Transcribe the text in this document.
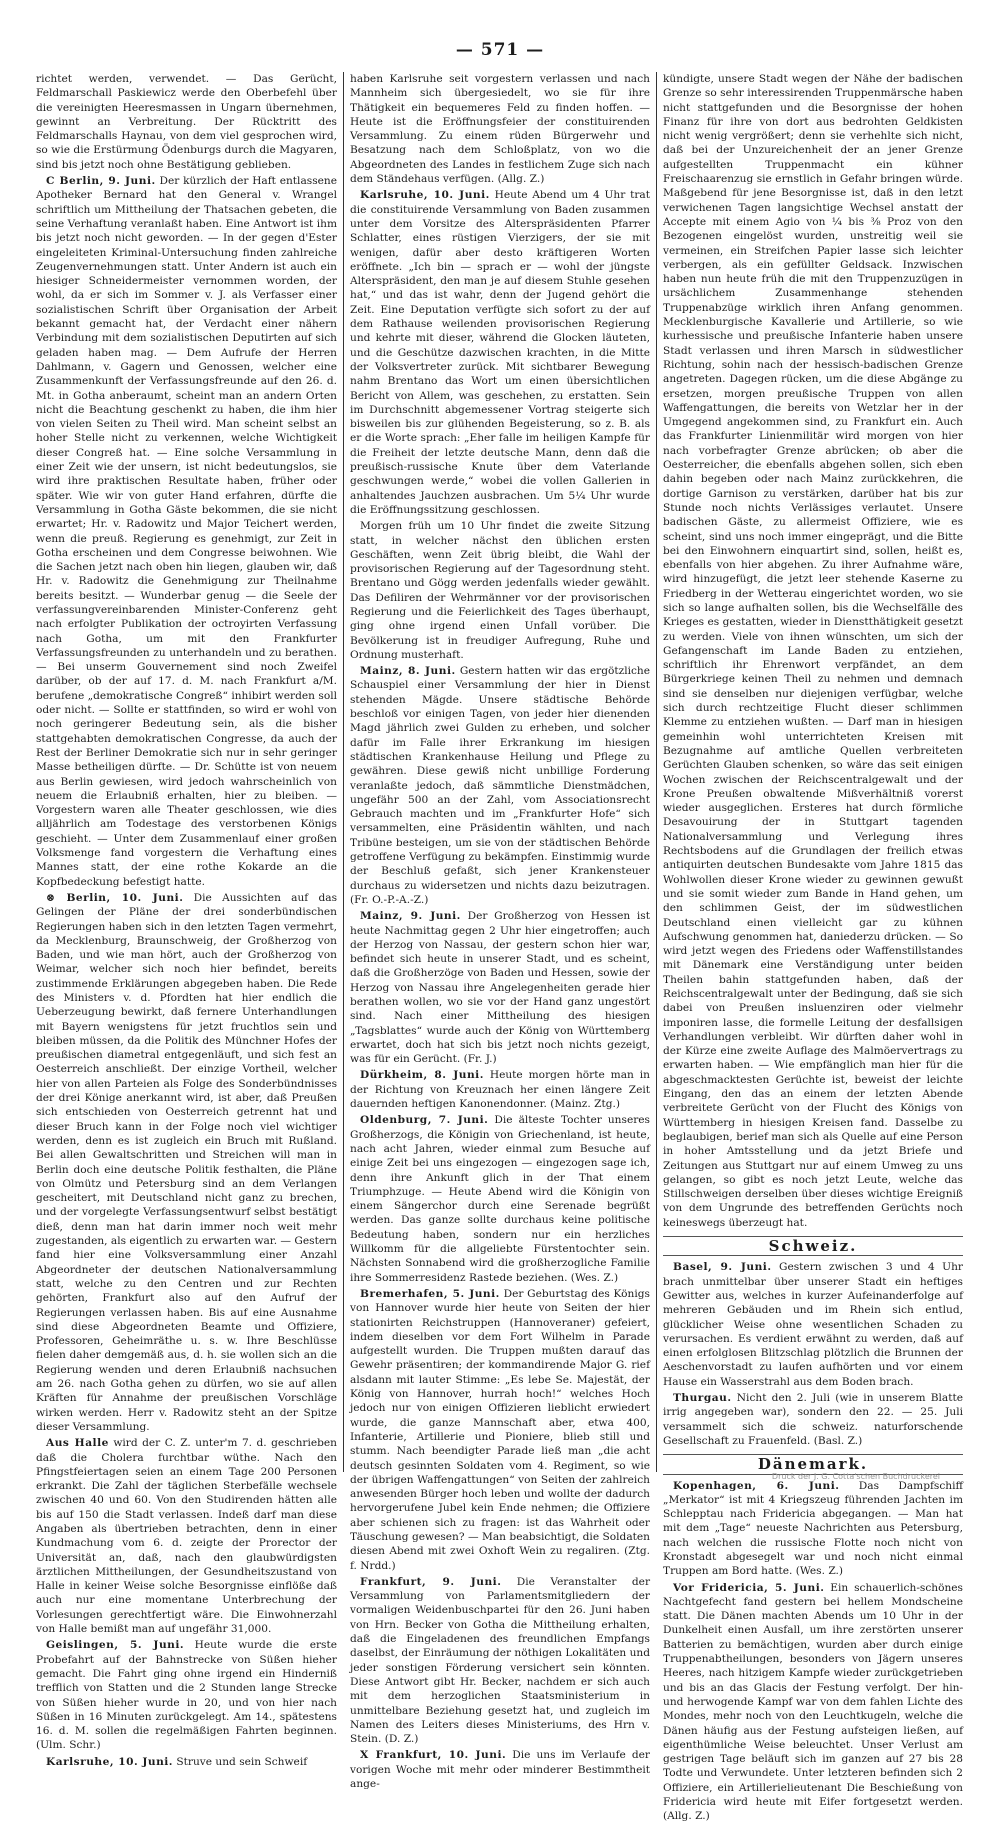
— 571 —

richtet werden, verwendet. — Das Gerücht, Feldmarschall Paskiewicz werde den Oberbefehl über die vereinigten Heeresmassen in Ungarn übernehmen, gewinnt an Verbreitung. Der Rücktritt des Feldmarschalls Haynau, von dem viel gesprochen wird, so wie die Erstürmung Ödenburgs durch die Magyaren, sind bis jetzt noch ohne Bestätigung geblieben.

C Berlin, 9. Juni. Der kürzlich der Haft entlassene Apotheker Bernard hat den General v. Wrangel schriftlich um Mittheilung der Thatsachen gebeten, die seine Verhaftung veranlaßt haben. Eine Antwort ist ihm bis jetzt noch nicht geworden. — In der gegen d'Ester eingeleiteten Kriminal-Untersuchung finden zahlreiche Zeugenvernehmungen statt. Unter Andern ist auch ein hiesiger Schneidermeister vernommen worden, der wohl, da er sich im Sommer v. J. als Verfasser einer sozialistischen Schrift über Organisation der Arbeit bekannt gemacht hat, der Verdacht einer nähern Verbindung mit dem sozialistischen Deputirten auf sich geladen haben mag. — Dem Aufrufe der Herren Dahlmann, v. Gagern und Genossen, welcher eine Zusammenkunft der Verfassungsfreunde auf den 26. d. Mt. in Gotha anberaumt, scheint man an andern Orten nicht die Beachtung geschenkt zu haben, die ihm hier von vielen Seiten zu Theil wird. Man scheint selbst an hoher Stelle nicht zu verkennen, welche Wichtigkeit dieser Congreß hat. — Eine solche Versammlung in einer Zeit wie der unsern, ist nicht bedeutungslos, sie wird ihre praktischen Resultate haben, früher oder später. Wie wir von guter Hand erfahren, dürfte die Versammlung in Gotha Gäste bekommen, die sie nicht erwartet; Hr. v. Radowitz und Major Teichert werden, wenn die preuß. Regierung es genehmigt, zur Zeit in Gotha erscheinen und dem Congresse beiwohnen. Wie die Sachen jetzt nach oben hin liegen, glauben wir, daß Hr. v. Radowitz die Genehmigung zur Theilnahme bereits besitzt. — Wunderbar genug — die Seele der verfassungvereinbarenden Minister-Conferenz geht nach erfolgter Publikation der octroyirten Verfassung nach Gotha, um mit den Frankfurter Verfassungsfreunden zu unterhandeln und zu berathen. — Bei unserm Gouvernement sind noch Zweifel darüber, ob der auf 17. d. M. nach Frankfurt a/M. berufene „demokratische Congreß“ inhibirt werden soll oder nicht. — Sollte er stattfinden, so wird er wohl von noch geringerer Bedeutung sein, als die bisher stattgehabten demokratischen Congresse, da auch der Rest der Berliner Demokratie sich nur in sehr geringer Masse betheiligen dürfte. — Dr. Schütte ist von neuem aus Berlin gewiesen, wird jedoch wahrscheinlich von neuem die Erlaubniß erhalten, hier zu bleiben. — Vorgestern waren alle Theater geschlossen, wie dies alljährlich am Todestage des verstorbenen Königs geschieht. — Unter dem Zusammenlauf einer großen Volksmenge fand vorgestern die Verhaftung eines Mannes statt, der eine rothe Kokarde an die Kopfbedeckung befestigt hatte.

⊗ Berlin, 10. Juni. Die Aussichten auf das Gelingen der Pläne der drei sonderbündischen Regierungen haben sich in den letzten Tagen vermehrt, da Mecklenburg, Braunschweig, der Großherzog von Baden, und wie man hört, auch der Großherzog von Weimar, welcher sich noch hier befindet, bereits zustimmende Erklärungen abgegeben haben. Die Rede des Ministers v. d. Pfordten hat hier endlich die Ueberzeugung bewirkt, daß fernere Unterhandlungen mit Bayern wenigstens für jetzt fruchtlos sein und bleiben müssen, da die Politik des Münchner Hofes der preußischen diametral entgegenläuft, und sich fest an Oesterreich anschließt. Der einzige Vortheil, welcher hier von allen Parteien als Folge des Sonderbündnisses der drei Könige anerkannt wird, ist aber, daß Preußen sich entschieden von Oesterreich getrennt hat und dieser Bruch kann in der Folge noch viel wichtiger werden, denn es ist zugleich ein Bruch mit Rußland. Bei allen Gewaltschritten und Streichen will man in Berlin doch eine deutsche Politik festhalten, die Pläne von Olmütz und Petersburg sind an dem Verlangen gescheitert, mit Deutschland nicht ganz zu brechen, und der vorgelegte Verfassungsentwurf selbst bestätigt dieß, denn man hat darin immer noch weit mehr zugestanden, als eigentlich zu erwarten war. — Gestern fand hier eine Volksversammlung einer Anzahl Abgeordneter der deutschen Nationalversammlung statt, welche zu den Centren und zur Rechten gehörten, Frankfurt also auf den Aufruf der Regierungen verlassen haben. Bis auf eine Ausnahme sind diese Abgeordneten Beamte und Offiziere, Professoren, Geheimräthe u. s. w. Ihre Beschlüsse fielen daher demgemäß aus, d. h. sie wollen sich an die Regierung wenden und deren Erlaubniß nachsuchen am 26. nach Gotha gehen zu dürfen, wo sie auf allen Kräften für Annahme der preußischen Vorschläge wirken werden. Herr v. Radowitz steht an der Spitze dieser Versammlung.

Aus Halle wird der C. Z. unter'm 7. d. geschrieben daß die Cholera furchtbar wüthe. Nach den Pfingstfeiertagen seien an einem Tage 200 Personen erkrankt. Die Zahl der täglichen Sterbefälle wechsele zwischen 40 und 60. Von den Studirenden hätten alle bis auf 150 die Stadt verlassen. Indeß darf man diese Angaben als übertrieben betrachten, denn in einer Kundmachung vom 6. d. zeigte der Prorector der Universität an, daß, nach den glaubwürdigsten ärztlichen Mittheilungen, der Gesundheitszustand von Halle in keiner Weise solche Besorgnisse einflöße daß auch nur eine momentane Unterbrechung der Vorlesungen gerechtfertigt wäre. Die Einwohnerzahl von Halle bemißt man auf ungefähr 31,000.

Geislingen, 5. Juni. Heute wurde die erste Probefahrt auf der Bahnstrecke von Süßen hieher gemacht. Die Fahrt ging ohne irgend ein Hinderniß trefflich von Statten und die 2 Stunden lange Strecke von Süßen hieher wurde in 20, und von hier nach Süßen in 16 Minuten zurückgelegt. Am 14., spätestens 16. d. M. sollen die regelmäßigen Fahrten beginnen. (Ulm. Schr.)

Karlsruhe, 10. Juni. Struve und sein Schweif

haben Karlsruhe seit vorgestern verlassen und nach Mannheim sich übergesiedelt, wo sie für ihre Thätigkeit ein bequemeres Feld zu finden hoffen. — Heute ist die Eröffnungsfeier der constituirenden Versammlung. Zu einem rüden Bürgerwehr und Besatzung nach dem Schloßplatz, von wo die Abgeordneten des Landes in festlichem Zuge sich nach dem Ständehaus verfügen. (Allg. Z.)

Karlsruhe, 10. Juni. Heute Abend um 4 Uhr trat die constituirende Versammlung von Baden zusammen unter dem Vorsitze des Alterspräsidenten Pfarrer Schlatter, eines rüstigen Vierzigers, der sie mit wenigen, dafür aber desto kräftigeren Worten eröffnete. „Ich bin — sprach er — wohl der jüngste Alterspräsident, den man je auf diesem Stuhle gesehen hat,“ und das ist wahr, denn der Jugend gehört die Zeit. Eine Deputation verfügte sich sofort zu der auf dem Rathause weilenden provisorischen Regierung und kehrte mit dieser, während die Glocken läuteten, und die Geschütze dazwischen krachten, in die Mitte der Volksvertreter zurück. Mit sichtbarer Bewegung nahm Brentano das Wort um einen übersichtlichen Bericht von Allem, was geschehen, zu erstatten. Sein im Durchschnitt abgemessener Vortrag steigerte sich bisweilen bis zur glühenden Begeisterung, so z. B. als er die Worte sprach: „Eher falle im heiligen Kampfe für die Freiheit der letzte deutsche Mann, denn daß die preußisch-russische Knute über dem Vaterlande geschwungen werde,“ wobei die vollen Gallerien in anhaltendes Jauchzen ausbrachen. Um 5¼ Uhr wurde die Eröffnungssitzung geschlossen.

Morgen früh um 10 Uhr findet die zweite Sitzung statt, in welcher nächst den üblichen ersten Geschäften, wenn Zeit übrig bleibt, die Wahl der provisorischen Regierung auf der Tagesordnung steht. Brentano und Gögg werden jedenfalls wieder gewählt. Das Defiliren der Wehrmänner vor der provisorischen Regierung und die Feierlichkeit des Tages überhaupt, ging ohne irgend einen Unfall vorüber. Die Bevölkerung ist in freudiger Aufregung, Ruhe und Ordnung musterhaft.

Mainz, 8. Juni. Gestern hatten wir das ergötzliche Schauspiel einer Versammlung der hier in Dienst stehenden Mägde. Unsere städtische Behörde beschloß vor einigen Tagen, von jeder hier dienenden Magd jährlich zwei Gulden zu erheben, und solcher dafür im Falle ihrer Erkrankung im hiesigen städtischen Krankenhause Heilung und Pflege zu gewähren. Diese gewiß nicht unbillige Forderung veranlaßte jedoch, daß sämmtliche Dienstmädchen, ungefähr 500 an der Zahl, vom Associationsrecht Gebrauch machten und im „Frankfurter Hofe“ sich versammelten, eine Präsidentin wählten, und nach Tribüne besteigen, um sie von der städtischen Behörde getroffene Verfügung zu bekämpfen. Einstimmig wurde der Beschluß gefaßt, sich jener Krankensteuer durchaus zu widersetzen und nichts dazu beizutragen. (Fr. O.-P.-A.-Z.)

Mainz, 9. Juni. Der Großherzog von Hessen ist heute Nachmittag gegen 2 Uhr hier eingetroffen; auch der Herzog von Nassau, der gestern schon hier war, befindet sich heute in unserer Stadt, und es scheint, daß die Großherzöge von Baden und Hessen, sowie der Herzog von Nassau ihre Angelegenheiten gerade hier berathen wollen, wo sie vor der Hand ganz ungestört sind. Nach einer Mittheilung des hiesigen „Tagsblattes“ wurde auch der König von Württemberg erwartet, doch hat sich bis jetzt noch nichts gezeigt, was für ein Gerücht. (Fr. J.)

Dürkheim, 8. Juni. Heute morgen hörte man in der Richtung von Kreuznach her einen längere Zeit dauernden heftigen Kanonendonner. (Mainz. Ztg.)

Oldenburg, 7. Juni. Die älteste Tochter unseres Großherzogs, die Königin von Griechenland, ist heute, nach acht Jahren, wieder einmal zum Besuche auf einige Zeit bei uns eingezogen — eingezogen sage ich, denn ihre Ankunft glich in der That einem Triumphzuge. — Heute Abend wird die Königin von einem Sängerchor durch eine Serenade begrüßt werden. Das ganze sollte durchaus keine politische Bedeutung haben, sondern nur ein herzliches Willkomm für die allgeliebte Fürstentochter sein. Nächsten Sonnabend wird die großherzogliche Familie ihre Sommerresidenz Rastede beziehen. (Wes. Z.)

Bremerhafen, 5. Juni. Der Geburtstag des Königs von Hannover wurde hier heute von Seiten der hier stationirten Reichstruppen (Hannoveraner) gefeiert, indem dieselben vor dem Fort Wilhelm in Parade aufgestellt wurden. Die Truppen mußten darauf das Gewehr präsentiren; der kommandirende Major G. rief alsdann mit lauter Stimme: „Es lebe Se. Majestät, der König von Hannover, hurrah hoch!“ welches Hoch jedoch nur von einigen Offizieren lieblicht erwiedert wurde, die ganze Mannschaft aber, etwa 400, Infanterie, Artillerie und Pioniere, blieb still und stumm. Nach beendigter Parade ließ man „die acht deutsch gesinnten Soldaten vom 4. Regiment, so wie der übrigen Waffengattungen“ von Seiten der zahlreich anwesenden Bürger hoch leben und wollte der dadurch hervorgerufene Jubel kein Ende nehmen; die Offiziere aber schienen sich zu fragen: ist das Wahrheit oder Täuschung gewesen? — Man beabsichtigt, die Soldaten diesen Abend mit zwei Oxhoft Wein zu regaliren. (Ztg. f. Nrdd.)

Frankfurt, 9. Juni. Die Veranstalter der Versammlung von Parlamentsmitgliedern der vormaligen Weidenbuschpartei für den 26. Juni haben von Hrn. Becker von Gotha die Mittheilung erhalten, daß die Eingeladenen des freundlichen Empfangs daselbst, der Einräumung der nöthigen Lokalitäten und jeder sonstigen Förderung versichert sein könnten. Diese Antwort gibt Hr. Becker, nachdem er sich auch mit dem herzoglichen Staatsministerium in unmittelbare Beziehung gesetzt hat, und zugleich im Namen des Leiters dieses Ministeriums, des Hrn v. Stein. (D. Z.)

X Frankfurt, 10. Juni. Die uns im Verlaufe der vorigen Woche mit mehr oder minderer Bestimmtheit ange-

kündigte, unsere Stadt wegen der Nähe der badischen Grenze so sehr interessirenden Truppenmärsche haben nicht stattgefunden und die Besorgnisse der hohen Finanz für ihre von dort aus bedrohten Geldkisten nicht wenig vergrößert; denn sie verhehlte sich nicht, daß bei der Unzureichenheit der an jener Grenze aufgestellten Truppenmacht ein kühner Freischaarenzug sie ernstlich in Gefahr bringen würde. Maßgebend für jene Besorgnisse ist, daß in den letzt verwichenen Tagen langsichtige Wechsel anstatt der Accepte mit einem Agio von ¼ bis ⅜ Proz von den Bezogenen eingelöst wurden, unstreitig weil sie vermeinen, ein Streifchen Papier lasse sich leichter verbergen, als ein gefüllter Geldsack. Inzwischen haben nun heute früh die mit den Truppenzuzügen in ursächlichem Zusammenhange stehenden Truppenabzüge wirklich ihren Anfang genommen. Mecklenburgische Kavallerie und Artillerie, so wie kurhessische und preußische Infanterie haben unsere Stadt verlassen und ihren Marsch in südwestlicher Richtung, sohin nach der hessisch-badischen Grenze angetreten. Dagegen rücken, um die diese Abgänge zu ersetzen, morgen preußische Truppen von allen Waffengattungen, die bereits von Wetzlar her in der Umgegend angekommen sind, zu Frankfurt ein. Auch das Frankfurter Linienmilitär wird morgen von hier nach vorbefragter Grenze abrücken; ob aber die Oesterreicher, die ebenfalls abgehen sollen, sich eben dahin begeben oder nach Mainz zurückkehren, die dortige Garnison zu verstärken, darüber hat bis zur Stunde noch nichts Verlässiges verlautet. Unsere badischen Gäste, zu allermeist Offiziere, wie es scheint, sind uns noch immer eingeprägt, und die Bitte bei den Einwohnern einquartirt sind, sollen, heißt es, ebenfalls von hier abgehen. Zu ihrer Aufnahme wäre, wird hinzugefügt, die jetzt leer stehende Kaserne zu Friedberg in der Wetterau eingerichtet worden, wo sie sich so lange aufhalten sollen, bis die Wechselfälle des Krieges es gestatten, wieder in Dienstthätigkeit gesetzt zu werden. Viele von ihnen wünschten, um sich der Gefangenschaft im Lande Baden zu entziehen, schriftlich ihr Ehrenwort verpfändet, an dem Bürgerkriege keinen Theil zu nehmen und demnach sind sie denselben nur diejenigen verfügbar, welche sich durch rechtzeitige Flucht dieser schlimmen Klemme zu entziehen wußten. — Darf man in hiesigen gemeinhin wohl unterrichteten Kreisen mit Bezugnahme auf amtliche Quellen verbreiteten Gerüchten Glauben schenken, so wäre das seit einigen Wochen zwischen der Reichscentralgewalt und der Krone Preußen obwaltende Mißverhältniß vorerst wieder ausgeglichen. Ersteres hat durch förmliche Desavouirung der in Stuttgart tagenden Nationalversammlung und Verlegung ihres Rechtsbodens auf die Grundlagen der freilich etwas antiquirten deutschen Bundesakte vom Jahre 1815 das Wohlwollen dieser Krone wieder zu gewinnen gewußt und sie somit wieder zum Bande in Hand gehen, um den schlimmen Geist, der im südwestlichen Deutschland einen vielleicht gar zu kühnen Aufschwung genommen hat, daniederzu drücken. — So wird jetzt wegen des Friedens oder Waffenstillstandes mit Dänemark eine Verständigung unter beiden Theilen bahin stattgefunden haben, daß der Reichscentralgewalt unter der Bedingung, daß sie sich dabei von Preußen insluenziren oder vielmehr imponiren lasse, die formelle Leitung der desfallsigen Verhandlungen verbleibt. Wir dürften daher wohl in der Kürze eine zweite Auflage des Malmöervertrags zu erwarten haben. — Wie empfänglich man hier für die abgeschmacktesten Gerüchte ist, beweist der leichte Eingang, den das an einem der letzten Abende verbreitete Gerücht von der Flucht des Königs von Württemberg in hiesigen Kreisen fand. Dasselbe zu beglaubigen, berief man sich als Quelle auf eine Person in hoher Amtsstellung und da jetzt Briefe und Zeitungen aus Stuttgart nur auf einem Umweg zu uns gelangen, so gibt es noch jetzt Leute, welche das Stillschweigen derselben über dieses wichtige Ereigniß von dem Ungrunde des betreffenden Gerüchts noch keineswegs überzeugt hat.

Schweiz.

Basel, 9. Juni. Gestern zwischen 3 und 4 Uhr brach unmittelbar über unserer Stadt ein heftiges Gewitter aus, welches in kurzer Aufeinanderfolge auf mehreren Gebäuden und im Rhein sich entlud, glücklicher Weise ohne wesentlichen Schaden zu verursachen. Es verdient erwähnt zu werden, daß auf einen erfolglosen Blitzschlag plötzlich die Brunnen der Aeschenvorstadt zu laufen aufhörten und vor einem Hause ein Wasserstrahl aus dem Boden brach.

Thurgau. Nicht den 2. Juli (wie in unserem Blatte irrig angegeben war), sondern den 22. — 25. Juli versammelt sich die schweiz. naturforschende Gesellschaft zu Frauenfeld. (Basl. Z.)

Dänemark.

Kopenhagen, 6. Juni. Das Dampfschiff „Merkator“ ist mit 4 Kriegszeug führenden Jachten im Schlepptau nach Fridericia abgegangen. — Man hat mit dem „Tage“ neueste Nachrichten aus Petersburg, nach welchen die russische Flotte noch nicht von Kronstadt abgesegelt war und noch nicht einmal Truppen am Bord hatte. (Wes. Z.)

Vor Fridericia, 5. Juni. Ein schauerlich-schönes Nachtgefecht fand gestern bei hellem Mondscheine statt. Die Dänen machten Abends um 10 Uhr in der Dunkelheit einen Ausfall, um ihre zerstörten unserer Batterien zu bemächtigen, wurden aber durch einige Truppenabtheilungen, besonders von Jägern unseres Heeres, nach hitzigem Kampfe wieder zurückgetrieben und bis an das Glacis der Festung verfolgt. Der hin- und herwogende Kampf war von dem fahlen Lichte des Mondes, mehr noch von den Leuchtkugeln, welche die Dänen häufig aus der Festung aufsteigen ließen, auf eigenthümliche Weise beleuchtet. Unser Verlust am gestrigen Tage beläuft sich im ganzen auf 27 bis 28 Todte und Verwundete. Unter letzteren befinden sich 2 Offiziere, ein Artillerielieutenant Die Beschießung von Fridericia wird heute mit Eifer fortgesetzt werden. (Allg. Z.)

Druck der J. G. Cotta'schen Buchdruckerei
